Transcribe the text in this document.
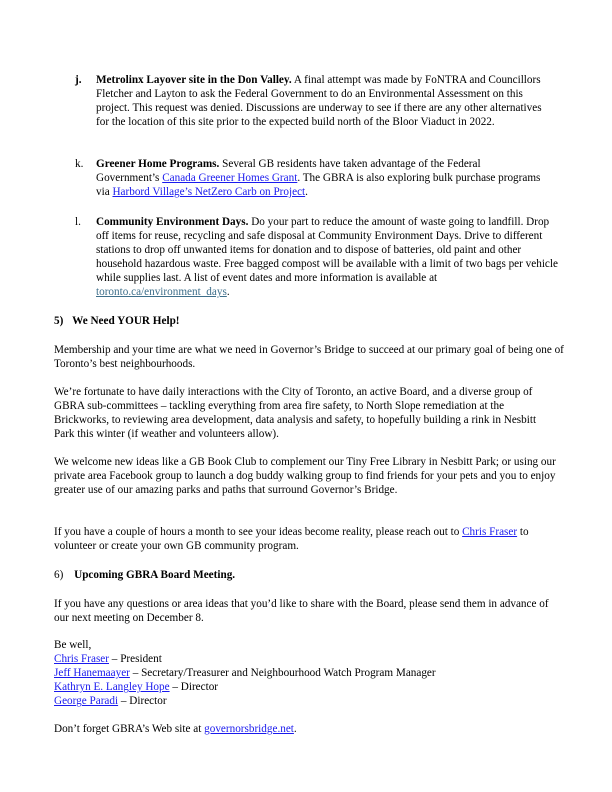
j. Metrolinx Layover site in the Don Valley. A final attempt was made by FoNTRA and Councillors Fletcher and Layton to ask the Federal Government to do an Environmental Assessment on this project. This request was denied. Discussions are underway to see if there are any other alternatives for the location of this site prior to the expected build north of the Bloor Viaduct in 2022.

k. Greener Home Programs. Several GB residents have taken advantage of the Federal Government’s Canada Greener Homes Grant. The GBRA is also exploring bulk purchase programs via Harbord Village’s NetZero Carb on Project.

l. Community Environment Days. Do your part to reduce the amount of waste going to landfill. Drop off items for reuse, recycling and safe disposal at Community Environment Days. Drive to different stations to drop off unwanted items for donation and to dispose of batteries, old paint and other household hazardous waste. Free bagged compost will be available with a limit of two bags per vehicle while supplies last. A list of event dates and more information is available at toronto.ca/environment_days.

5) We Need YOUR Help!

Membership and your time are what we need in Governor’s Bridge to succeed at our primary goal of being one of Toronto’s best neighbourhoods.

We’re fortunate to have daily interactions with the City of Toronto, an active Board, and a diverse group of GBRA sub-committees – tackling everything from area fire safety, to North Slope remediation at the Brickworks, to reviewing area development, data analysis and safety, to hopefully building a rink in Nesbitt Park this winter (if weather and volunteers allow).

We welcome new ideas like a GB Book Club to complement our Tiny Free Library in Nesbitt Park; or using our private area Facebook group to launch a dog buddy walking group to find friends for your pets and you to enjoy greater use of our amazing parks and paths that surround Governor’s Bridge.

If you have a couple of hours a month to see your ideas become reality, please reach out to Chris Fraser to volunteer or create your own GB community program.

6) Upcoming GBRA Board Meeting.

If you have any questions or area ideas that you’d like to share with the Board, please send them in advance of our next meeting on December 8.

Be well,
Chris Fraser – President
Jeff Hanemaayer – Secretary/Treasurer and Neighbourhood Watch Program Manager
Kathryn E. Langley Hope – Director
George Paradi – Director

Don’t forget GBRA’s Web site at governorsbridge.net.
